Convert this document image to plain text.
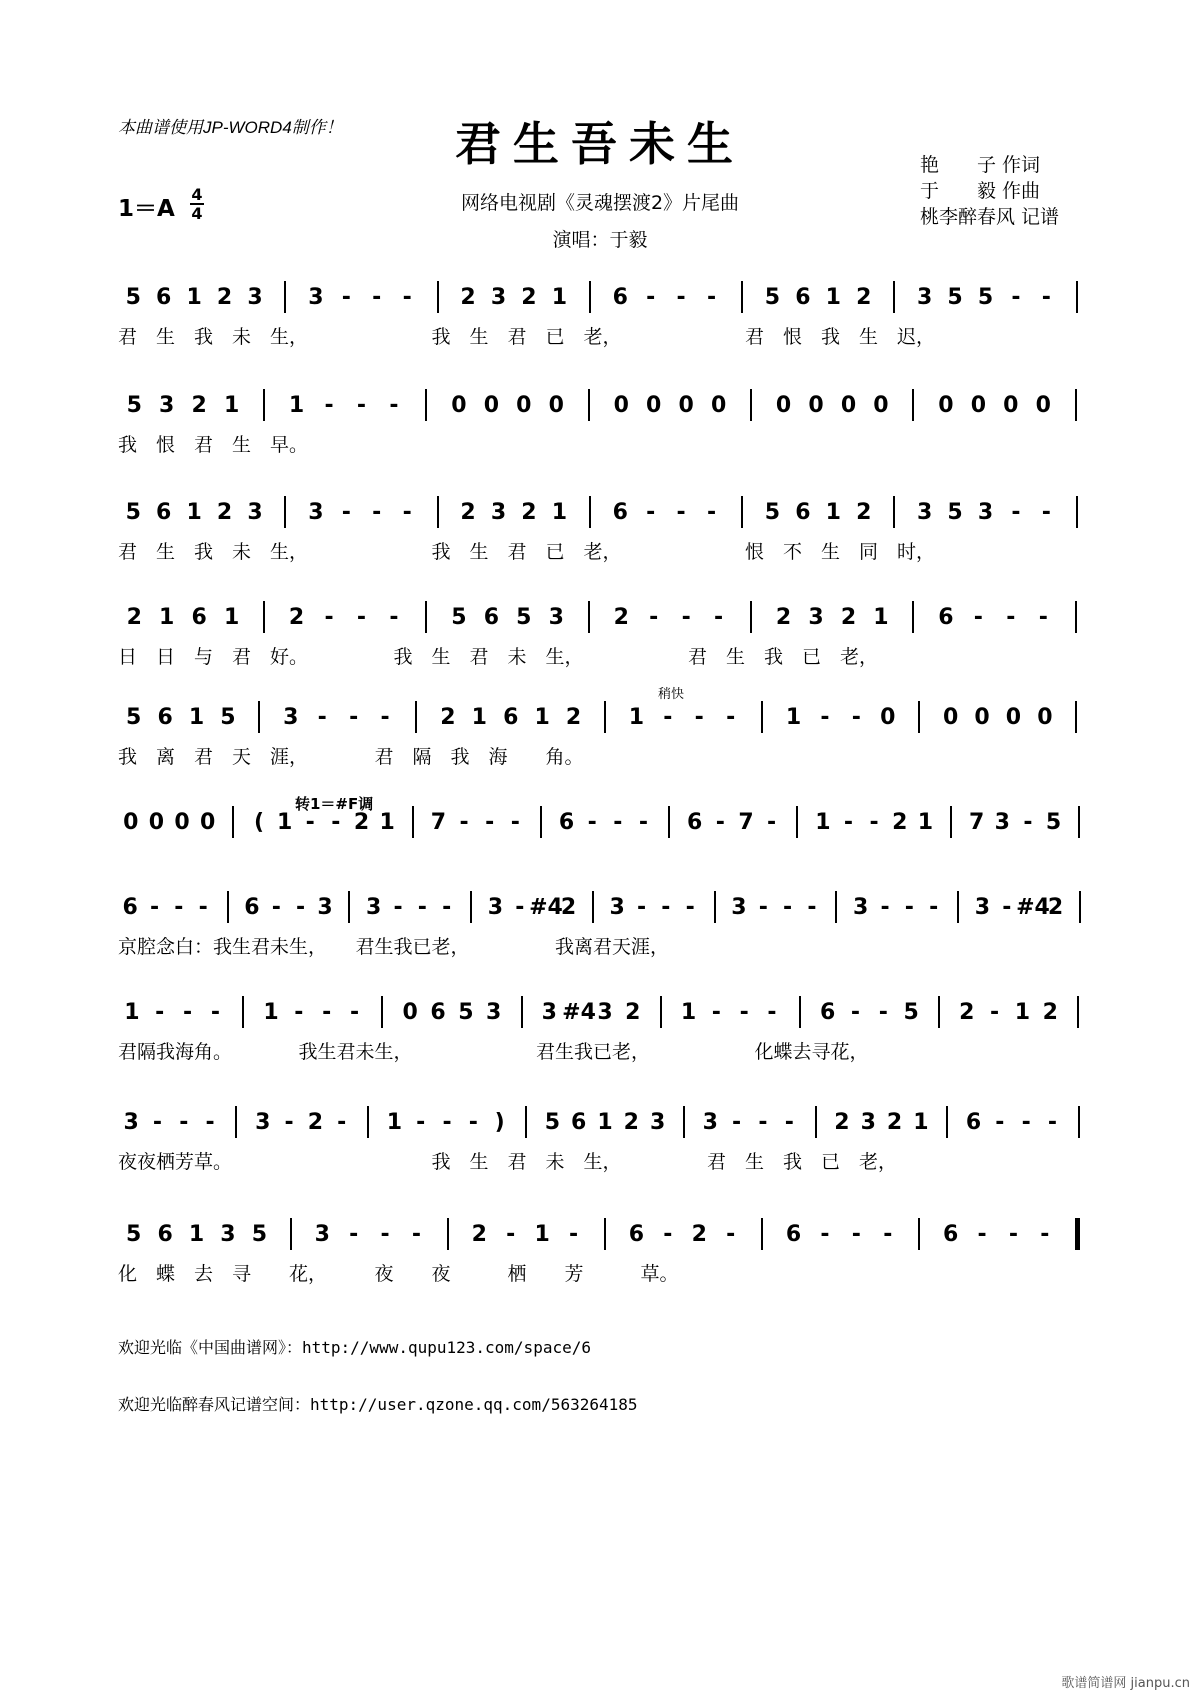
本曲谱使用JP-WORD4制作！	君生吾未生
网络电视剧《灵魂摆渡2》片尾曲
演唱：于毅
1＝A
4
4
艳　　子 作词
于　　毅 作曲
桃李醉春风 记谱
稍快
转1＝#F调
5 6 1 2 3	3 - - -	2 3 2 1	6 - - -	5 6 1 2	3 5 5 - -
君　生　我　未　生，　　　　　　　我　生　君　已　老，　　　　　　　君　恨　我　生　迟，
5 3 2 1	1 -	-	-	0 0 0 0	0 0 0 0	0 0 0 0	0 0 0 0
我　恨　君　生　早。
5 6 1 2 3	3 - - -	2 3 2 1	6 - - -	5 6 1 2	3 5 3 - -
君　生　我　未　生，　　　　　　　我　生　君　已　老，　　　　　　　恨　不　生　同　时，
2 1 6 1	2 -	-	-	5 6 5 3	2 -	-	-	2 3 2 1	6 -	-	-
日　日　与　君　好。　　　　　我　生　君　未　生，　　　　　　君　生　我　已　老，
5 6 1 5	3 -	-	-	2 1 6 1 2	1 -	-	-	1 -	- 0	0 0 0 0
我　离　君　天　涯，　　　　君　隔　我　海　　角。
0 0 0 0	( 1 - - 2 1	7 - - -	6 - - -	6 - 7 -	1 - - 2 1	7 3 - 5
6 - - -	6 - - 3	3 - - -	3 - #4
2	3 - - -	3 - - -	3 - - -	3 - #4
2
京腔念白：我生君未生，　　君生我已老，　　　　　我离君天涯，
1 - - -	1 - - -	0 6 5 3	3 #4 3 2	1 - - -	6 - - 5	2 - 1 2
君隔我海角。　　　　我生君未生，　　　　　　　君生我已老，　　　　　　化蝶去寻花，
3 - - -	3 - 2 -	1 - - - )	5 6 1 2 3	3 - - -	2 3 2 1	6 - - -
夜夜栖芳草。　　　　　　　　　　　我　生　君　未　生，　　　　　君　生　我　已　老，
5 6 1 3 5	3 -	-	-	2 - 1 -	6 - 2 -	6 -	-	-	6 -	-	-
化　蝶　去　寻　　花，　　　夜　　夜　　　栖　　芳　　　草。
欢迎光临《中国曲谱网》：http://www.qupu123.com/space/6
欢迎光临醉春风记谱空间：http://user.qzone.qq.com/563264185
歌谱简谱网 jianpu.cn
